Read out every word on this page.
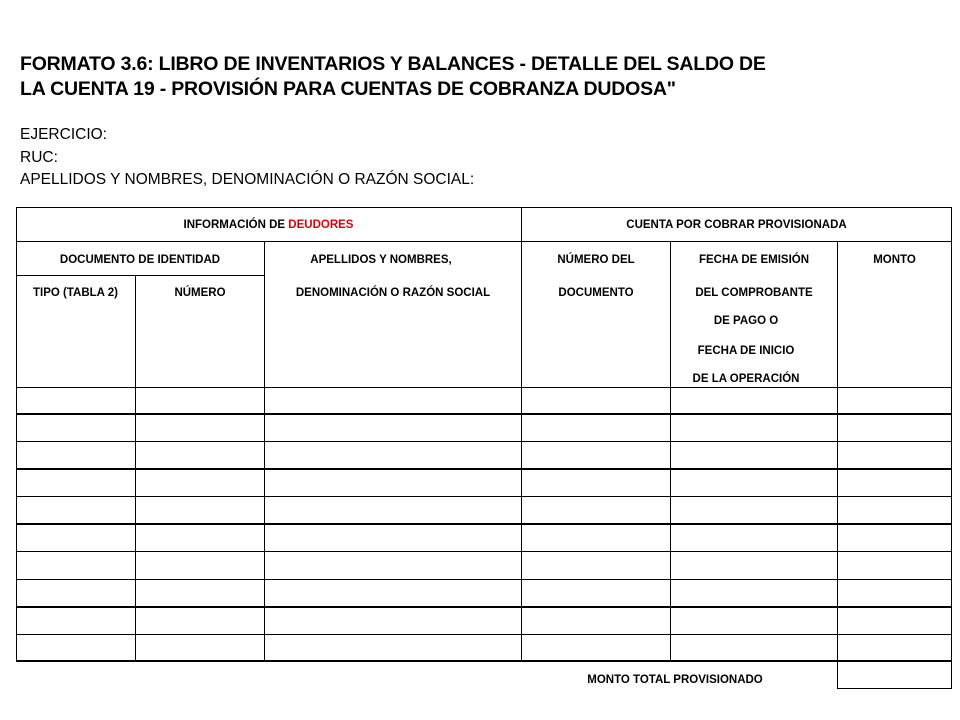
FORMATO 3.6: LIBRO DE INVENTARIOS Y BALANCES - DETALLE DEL SALDO DE
LA CUENTA 19 - PROVISIÓN PARA CUENTAS DE COBRANZA DUDOSA"
EJERCICIO:
RUC:
APELLIDOS Y NOMBRES, DENOMINACIÓN O RAZÓN SOCIAL:
INFORMACIÓN DE DEUDORES	CUENTA POR COBRAR PROVISIONADA
DOCUMENTO DE IDENTIDAD
TIPO (TABLA 2)	NÚMERO
APELLIDOS Y NOMBRES,
DENOMINACIÓN O RAZÓN SOCIAL
NÚMERO DEL
DOCUMENTO
FECHA DE EMISIÓN
DEL COMPROBANTE
DE PAGO O
FECHA DE INICIO
DE LA OPERACIÓN
MONTO
MONTO TOTAL PROVISIONADO
